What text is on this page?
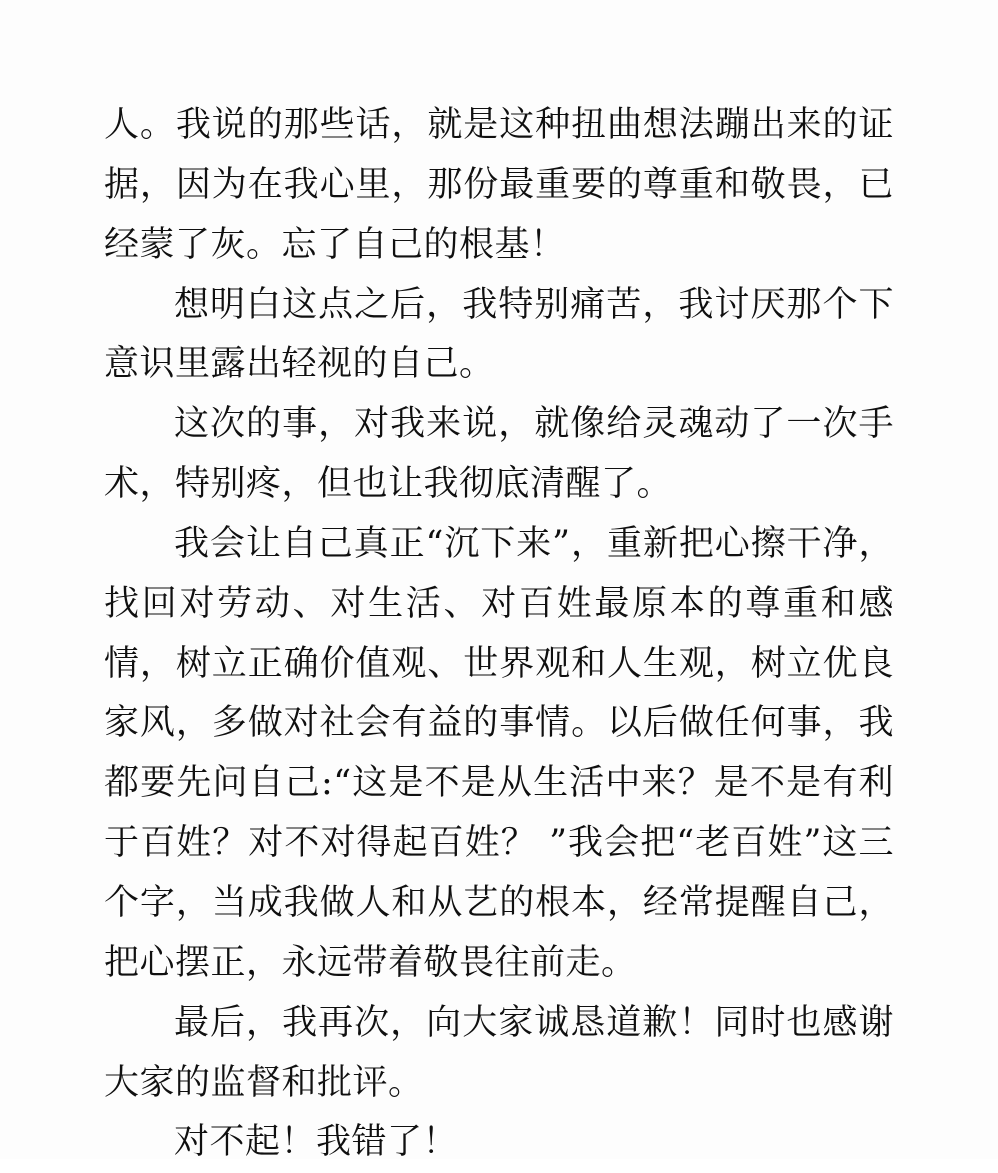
人。我说的那些话，就是这种扭曲想法蹦出来的证据，因为在我心里，那份最重要的尊重和敬畏，已经蒙了灰。忘了自己的根基！

想明白这点之后，我特别痛苦，我讨厌那个下意识里露出轻视的自己。

这次的事，对我来说，就像给灵魂动了一次手术，特别疼，但也让我彻底清醒了。

我会让自己真正“沉下来”，重新把心擦干净，找回对劳动、对生活、对百姓最原本的尊重和感情，树立正确价值观、世界观和人生观，树立优良家风，多做对社会有益的事情。以后做任何事，我都要先问自己:“这是不是从生活中来？是不是有利于百姓？对不对得起百姓？ ”我会把“老百姓”这三个字，当成我做人和从艺的根本，经常提醒自己，把心摆正，永远带着敬畏往前走。

最后，我再次，向大家诚恳道歉！同时也感谢大家的监督和批评。

对不起！我错了！
